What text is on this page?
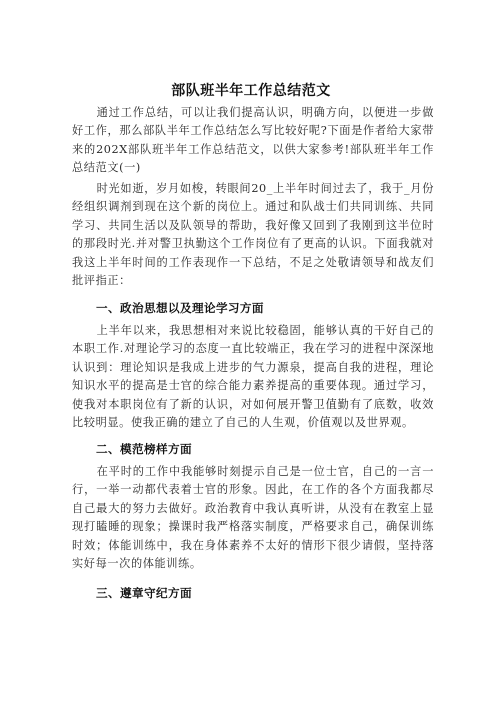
部队班半年工作总结范文

通过工作总结，可以让我们提高认识，明确方向，以便进一步做好工作，那么部队半年工作总结怎么写比较好呢?下面是作者给大家带来的202X部队班半年工作总结范文，以供大家参考!部队班半年工作总结范文(一)

时光如逝，岁月如梭，转眼间20_上半年时间过去了，我于_月份经组织调剂到现在这个新的岗位上。通过和队战士们共同训练、共同学习、共同生活以及队领导的帮助，我好像又回到了我刚到这半位时的那段时光.并对警卫执勤这个工作岗位有了更高的认识。下面我就对我这上半年时间的工作表现作一下总结，不足之处敬请领导和战友们批评指正：

一、政治思想以及理论学习方面

上半年以来，我思想相对来说比较稳固，能够认真的干好自己的本职工作.对理论学习的态度一直比较端正，我在学习的进程中深深地认识到：理论知识是我成上进步的气力源泉，提高自我的进程，理论知识水平的提高是士官的综合能力素养提高的重要体现。通过学习，使我对本职岗位有了新的认识，对如何展开警卫值勤有了底数，收效比较明显。使我正确的建立了自己的人生观，价值观以及世界观。

二、模范榜样方面

在平时的工作中我能够时刻提示自己是一位士官，自己的一言一行，一举一动都代表着士官的形象。因此，在工作的各个方面我都尽自己最大的努力去做好。政治教育中我认真听讲，从没有在教室上显现打瞌睡的现象；操课时我严格落实制度，严格要求自己，确保训练时效；体能训练中，我在身体素养不太好的情形下很少请假，坚持落实好每一次的体能训练。

三、遵章守纪方面
